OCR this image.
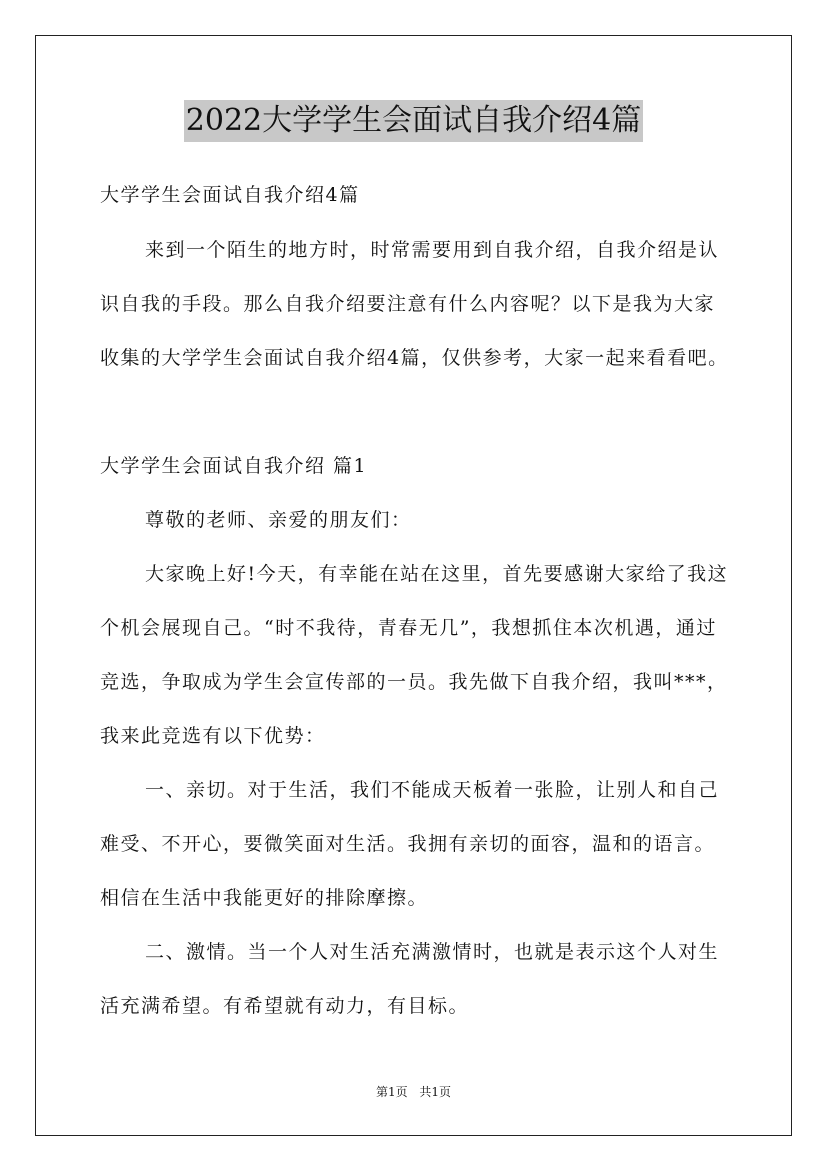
2022大学学生会面试自我介绍4篇
大学学生会面试自我介绍4篇
来到一个陌生的地方时，时常需要用到自我介绍，自我介绍是认
识自我的手段。那么自我介绍要注意有什么内容呢？以下是我为大家
收集的大学学生会面试自我介绍4篇，仅供参考，大家一起来看看吧。
大学学生会面试自我介绍 篇1
尊敬的老师、亲爱的朋友们：
大家晚上好!今天，有幸能在站在这里，首先要感谢大家给了我这
个机会展现自己。“时不我待，青春无几”，我想抓住本次机遇，通过
竞选，争取成为学生会宣传部的一员。我先做下自我介绍，我叫***，
我来此竞选有以下优势：
一、亲切。对于生活，我们不能成天板着一张脸，让别人和自己
难受、不开心，要微笑面对生活。我拥有亲切的面容，温和的语言。
相信在生活中我能更好的排除摩擦。
二、激情。当一个人对生活充满激情时，也就是表示这个人对生
活充满希望。有希望就有动力，有目标。
第1页 共1页
